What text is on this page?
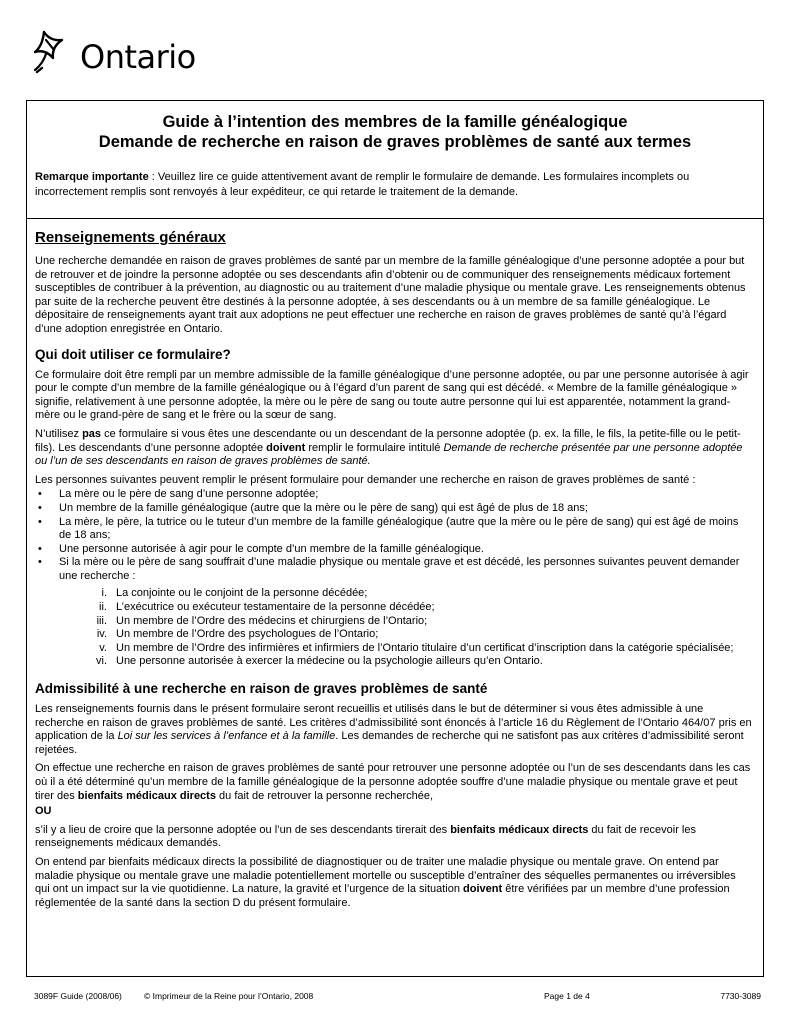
Ontario
Guide à l’intention des membres de la famille généalogique
Demande de recherche en raison de graves problèmes de santé aux termes
Remarque importante : Veuillez lire ce guide attentivement avant de remplir le formulaire de demande. Les formulaires incomplets ou incorrectement remplis sont renvoyés à leur expéditeur, ce qui retarde le traitement de la demande.
Renseignements généraux

Une recherche demandée en raison de graves problèmes de santé par un membre de la famille généalogique d’une personne adoptée a pour but de retrouver et de joindre la personne adoptée ou ses descendants afin d’obtenir ou de communiquer des renseignements médicaux fortement susceptibles de contribuer à la prévention, au diagnostic ou au traitement d’une maladie physique ou mentale grave. Les renseignements obtenus par suite de la recherche peuvent être destinés à la personne adoptée, à ses descendants ou à un membre de sa famille généalogique. Le dépositaire de renseignements ayant trait aux adoptions ne peut effectuer une recherche en raison de graves problèmes de santé qu’à l’égard d’une adoption enregistrée en Ontario.

Qui doit utiliser ce formulaire?

Ce formulaire doit être rempli par un membre admissible de la famille généalogique d’une personne adoptée, ou par une personne autorisée à agir pour le compte d’un membre de la famille généalogique ou à l’égard d’un parent de sang qui est décédé. « Membre de la famille généalogique » signifie, relativement à une personne adoptée, la mère ou le père de sang ou toute autre personne qui lui est apparentée, notamment la grand-mère ou le grand-père de sang et le frère ou la sœur de sang.

N’utilisez pas ce formulaire si vous êtes une descendante ou un descendant de la personne adoptée (p. ex. la fille, le fils, la petite-fille ou le petit-fils). Les descendants d’une personne adoptée doivent remplir le formulaire intitulé Demande de recherche présentée par une personne adoptée ou l’un de ses descendants en raison de graves problèmes de santé.

Les personnes suivantes peuvent remplir le présent formulaire pour demander une recherche en raison de graves problèmes de santé :

• La mère ou le père de sang d’une personne adoptée;
• Un membre de la famille généalogique (autre que la mère ou le père de sang) qui est âgé de plus de 18 ans;
• La mère, le père, la tutrice ou le tuteur d’un membre de la famille généalogique (autre que la mère ou le père de sang) qui est âgé de moins de 18 ans;
• Une personne autorisée à agir pour le compte d’un membre de la famille généalogique.
• Si la mère ou le père de sang souffrait d’une maladie physique ou mentale grave et est décédé, les personnes suivantes peuvent demander une recherche :
i. La conjointe ou le conjoint de la personne décédée;
ii. L’exécutrice ou exécuteur testamentaire de la personne décédée;
iii. Un membre de l’Ordre des médecins et chirurgiens de l’Ontario;
iv. Un membre de l’Ordre des psychologues de l’Ontario;
v. Un membre de l’Ordre des infirmières et infirmiers de l’Ontario titulaire d’un certificat d’inscription dans la catégorie spécialisée;
vi. Une personne autorisée à exercer la médecine ou la psychologie ailleurs qu’en Ontario.
Admissibilité à une recherche en raison de graves problèmes de santé

Les renseignements fournis dans le présent formulaire seront recueillis et utilisés dans le but de déterminer si vous êtes admissible à une recherche en raison de graves problèmes de santé. Les critères d’admissibilité sont énoncés à l’article 16 du Règlement de l’Ontario 464/07 pris en application de la Loi sur les services à l’enfance et à la famille. Les demandes de recherche qui ne satisfont pas aux critères d’admissibilité seront rejetées.

On effectue une recherche en raison de graves problèmes de santé pour retrouver une personne adoptée ou l’un de ses descendants dans les cas où il a été déterminé qu’un membre de la famille généalogique de la personne adoptée souffre d’une maladie physique ou mentale grave et peut tirer des bienfaits médicaux directs du fait de retrouver la personne recherchée,

OU

s’il y a lieu de croire que la personne adoptée ou l’un de ses descendants tirerait des bienfaits médicaux directs du fait de recevoir les renseignements médicaux demandés.

On entend par bienfaits médicaux directs la possibilité de diagnostiquer ou de traiter une maladie physique ou mentale grave. On entend par maladie physique ou mentale grave une maladie potentiellement mortelle ou susceptible d’entraîner des séquelles permanentes ou irréversibles qui ont un impact sur la vie quotidienne. La nature, la gravité et l’urgence de la situation doivent être vérifiées par un membre d’une profession réglementée de la santé dans la section D du présent formulaire.

3089F Guide (2008/06)	© Imprimeur de la Reine pour l’Ontario, 2008	Page 1 de 4	7730-3089
